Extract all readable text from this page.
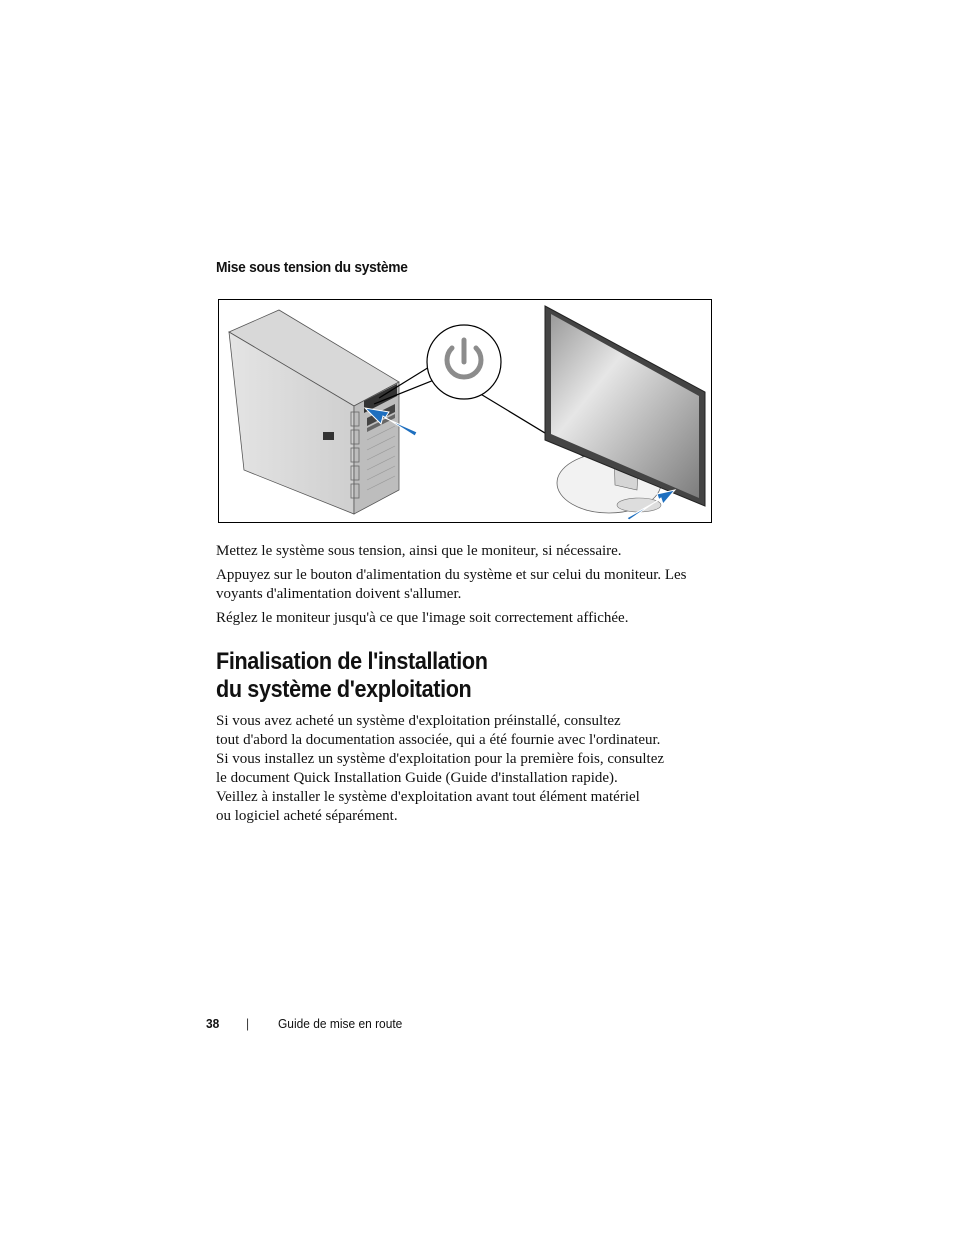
Mise sous tension du système

Mettez le système sous tension, ainsi que le moniteur, si nécessaire.

Appuyez sur le bouton d'alimentation du système et sur celui du moniteur. Les voyants d'alimentation doivent s'allumer.

Réglez le moniteur jusqu'à ce que l'image soit correctement affichée.

Finalisation de l'installation
du système d'exploitation

Si vous avez acheté un système d'exploitation préinstallé, consultez
tout d'abord la documentation associée, qui a été fournie avec l'ordinateur.
Si vous installez un système d'exploitation pour la première fois, consultez
le document Quick Installation Guide (Guide d'installation rapide).
Veillez à installer le système d'exploitation avant tout élément matériel
ou logiciel acheté séparément.

38 | Guide de mise en route
